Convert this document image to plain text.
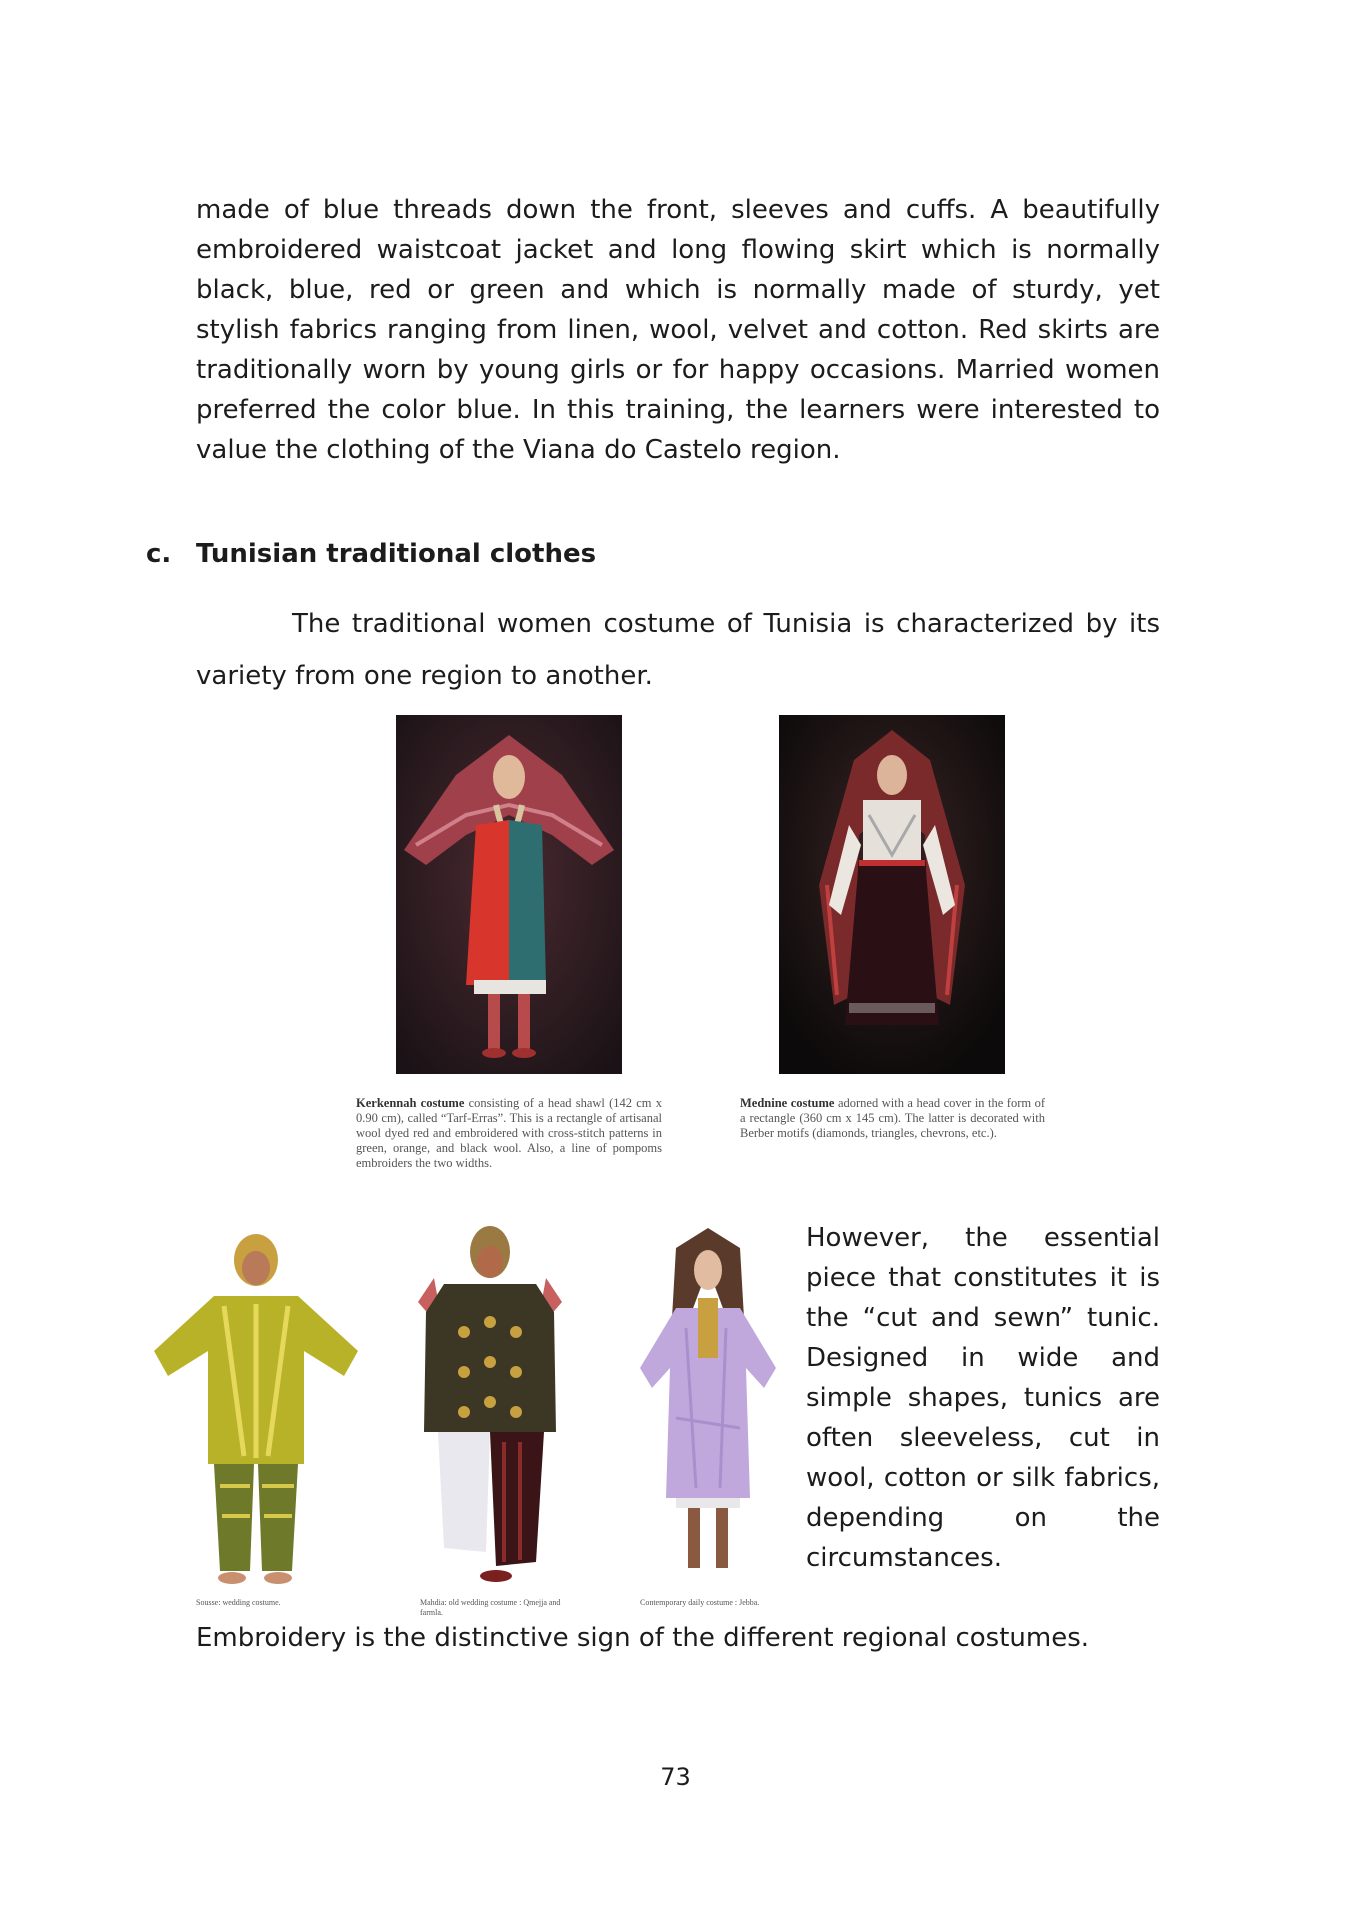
made of blue threads down the front, sleeves and cuffs. A beautifully embroidered waistcoat jacket and long flowing skirt which is normally black, blue, red or green and which is normally made of sturdy, yet stylish fabrics ranging from linen, wool, velvet and cotton. Red skirts are traditionally worn by young girls or for happy occasions. Married women preferred the color blue. In this training, the learners were interested to value the clothing of the Viana do Castelo region.

c. Tunisian traditional clothes

The traditional women costume of Tunisia is characterized by its variety from one region to another.

Kerkennah costume consisting of a head shawl (142 cm x 0.90 cm), called “Tarf-Erras”. This is a rectangle of artisanal wool dyed red and embroidered with cross-stitch patterns in green, orange, and black wool. Also, a line of pompoms embroiders the two widths.

Mednine costume adorned with a head cover in the form of a rectangle (360 cm x 145 cm). The latter is decorated with Berber motifs (diamonds, triangles, chevrons, etc.).

Sousse: wedding costume.	Mahdia: old wedding costume : Qmejja and farmla.

Contemporary daily costume : Jebba.

However, the essential piece that constitutes it is the “cut and sewn” tunic. Designed in wide and simple shapes, tunics are often sleeveless, cut in wool, cotton or silk fabrics, depending on the circumstances.

Embroidery is the distinctive sign of the different regional costumes.

73
